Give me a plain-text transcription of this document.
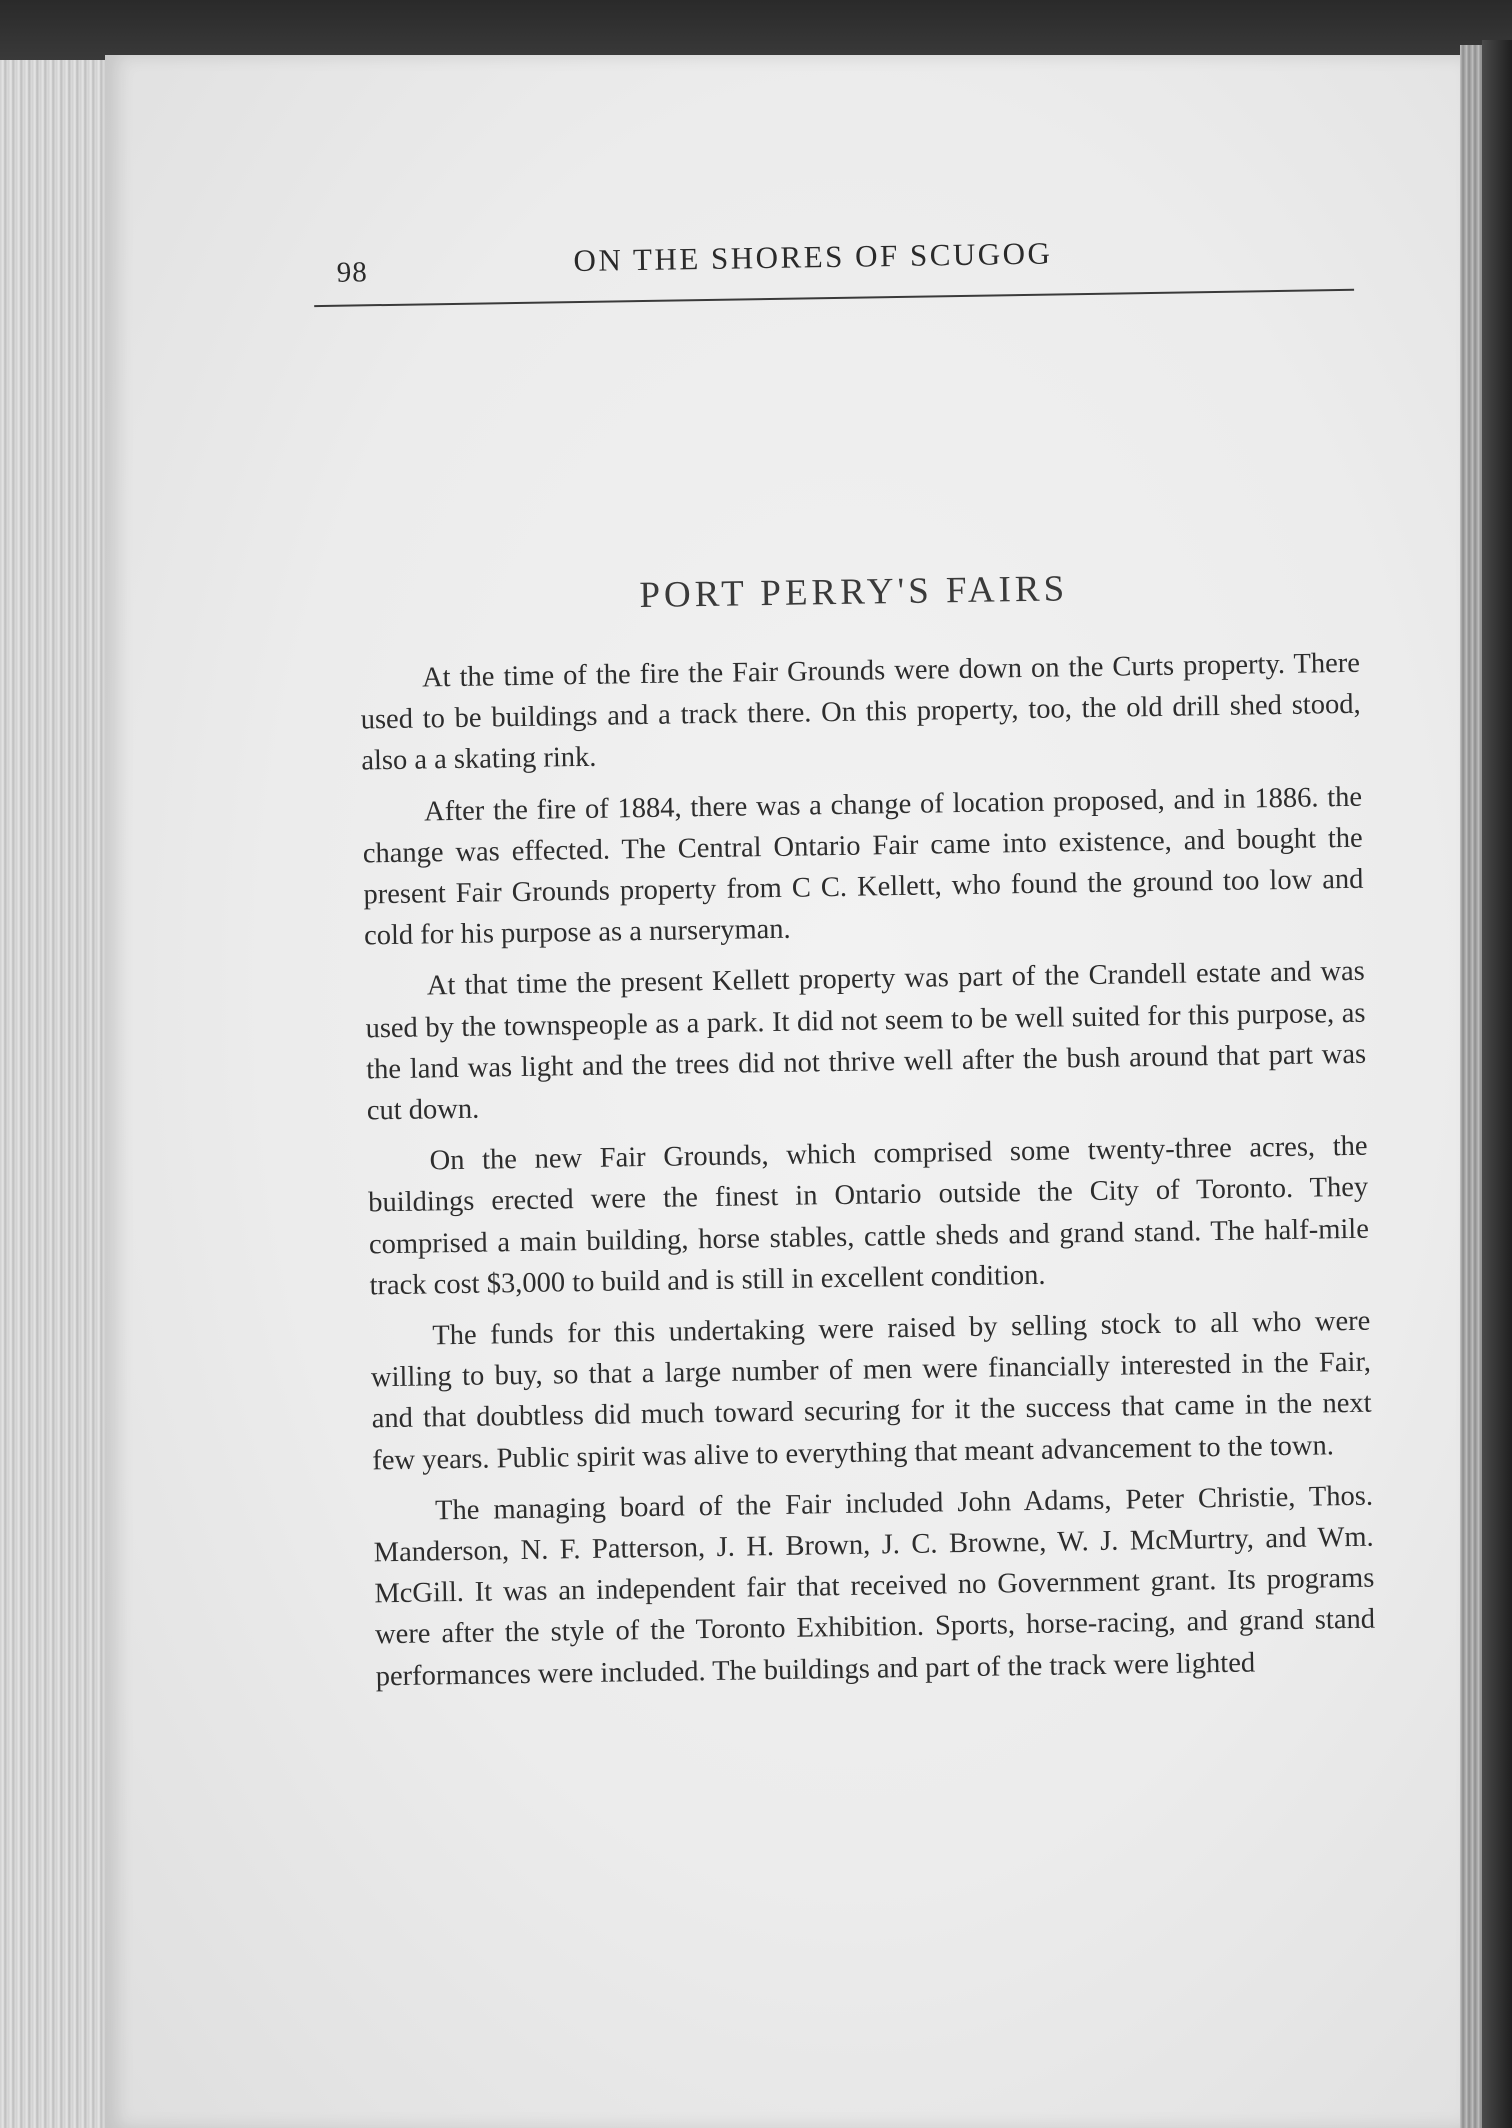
98	ON THE SHORES OF SCUGOG
PORT PERRY'S FAIRS

At the time of the fire the Fair Grounds were down on the Curts property. There used to be buildings and a track there. On this property, too, the old drill shed stood, also a a skating rink.

After the fire of 1884, there was a change of location proposed, and in 1886. the change was effected. The Central Ontario Fair came into existence, and bought the present Fair Grounds property from C C. Kellett, who found the ground too low and cold for his purpose as a nurseryman.

At that time the present Kellett property was part of the Crandell estate and was used by the townspeople as a park. It did not seem to be well suited for this purpose, as the land was light and the trees did not thrive well after the bush around that part was cut down.

On the new Fair Grounds, which comprised some twenty-three acres, the buildings erected were the finest in Ontario outside the City of Toronto. They comprised a main building, horse stables, cattle sheds and grand stand. The half-mile track cost $3,000 to build and is still in excellent condition.

The funds for this undertaking were raised by selling stock to all who were willing to buy, so that a large number of men were financially interested in the Fair, and that doubtless did much toward securing for it the success that came in the next few years. Public spirit was alive to everything that meant advancement to the town.

The managing board of the Fair included John Adams, Peter Christie, Thos. Manderson, N. F. Patterson, J. H. Brown, J. C. Browne, W. J. McMurtry, and Wm. McGill. It was an independent fair that received no Government grant. Its programs were after the style of the Toronto Exhibition. Sports, horse-racing, and grand stand performances were included. The buildings and part of the track were lighted
